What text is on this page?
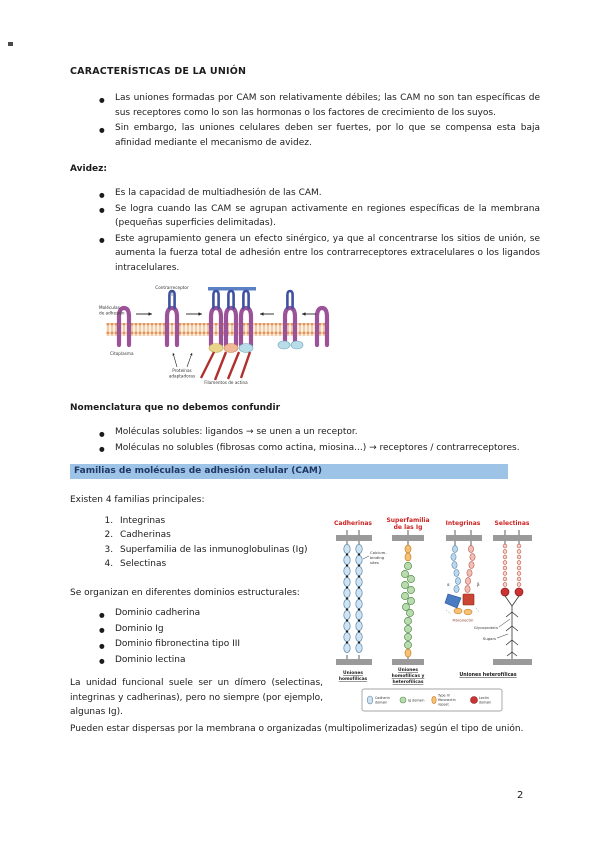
CARACTERÍSTICAS DE LA UNIÓN
● Las uniones formadas por CAM son relativamente débiles; las CAM no son tan específicas de sus receptores como lo son las hormonas o los factores de crecimiento de los suyos.
● Sin embargo, las uniones celulares deben ser fuertes, por lo que se compensa esta baja afinidad mediante el mecanismo de avidez.
Avidez:
● Es la capacidad de multiadhesión de las CAM.
● Se logra cuando las CAM se agrupan activamente en regiones específicas de la membrana (pequeñas superficies delimitadas).
● Este agrupamiento genera un efecto sinérgico, ya que al concentrarse los sitios de unión, se aumenta la fuerza total de adhesión entre los contrarreceptores extracelulares o los ligandos intracelulares.
Contrarreceptor
Moléculas
de adhesión
Citoplasma
Proteínas
adaptadoras
Filamentos de actina
Nomenclatura que no debemos confundir
● Moléculas solubles: ligandos → se unen a un receptor.
● Moléculas no solubles (fibrosas como actina, miosina...) → receptores / contrarreceptores.
Familias de moléculas de adhesión celular (CAM)

Existen 4 familias principales:

1. Integrinas
2. Cadherinas
3. Superfamilia de las inmunoglobulinas (Ig)
4. Selectinas

Se organizan en diferentes dominios estructurales:

● Dominio cadherina
● Dominio Ig
● Dominio fibronectina tipo III
● Dominio lectina

La unidad funcional suele ser un dímero (selectinas, integrinas y cadherinas), pero no siempre (por ejemplo, algunas Ig).

Pueden estar dispersas por la membrana o organizadas (multipolimerizadas) según el tipo de unión.

Cadherinas Superfamilia
de las Ig
Integrinas Selectinas
Calcium-
binding
sites
α	β
Fibronectin
Glycoprotein
Sugars
Uniones
homofílicas
Uniones
homofílicas y
heterofílicas
Uniones heterofílicas
Cadherin
domain	Ig domain
Type III
fibronectin
repeat
Lectin
domain
2
